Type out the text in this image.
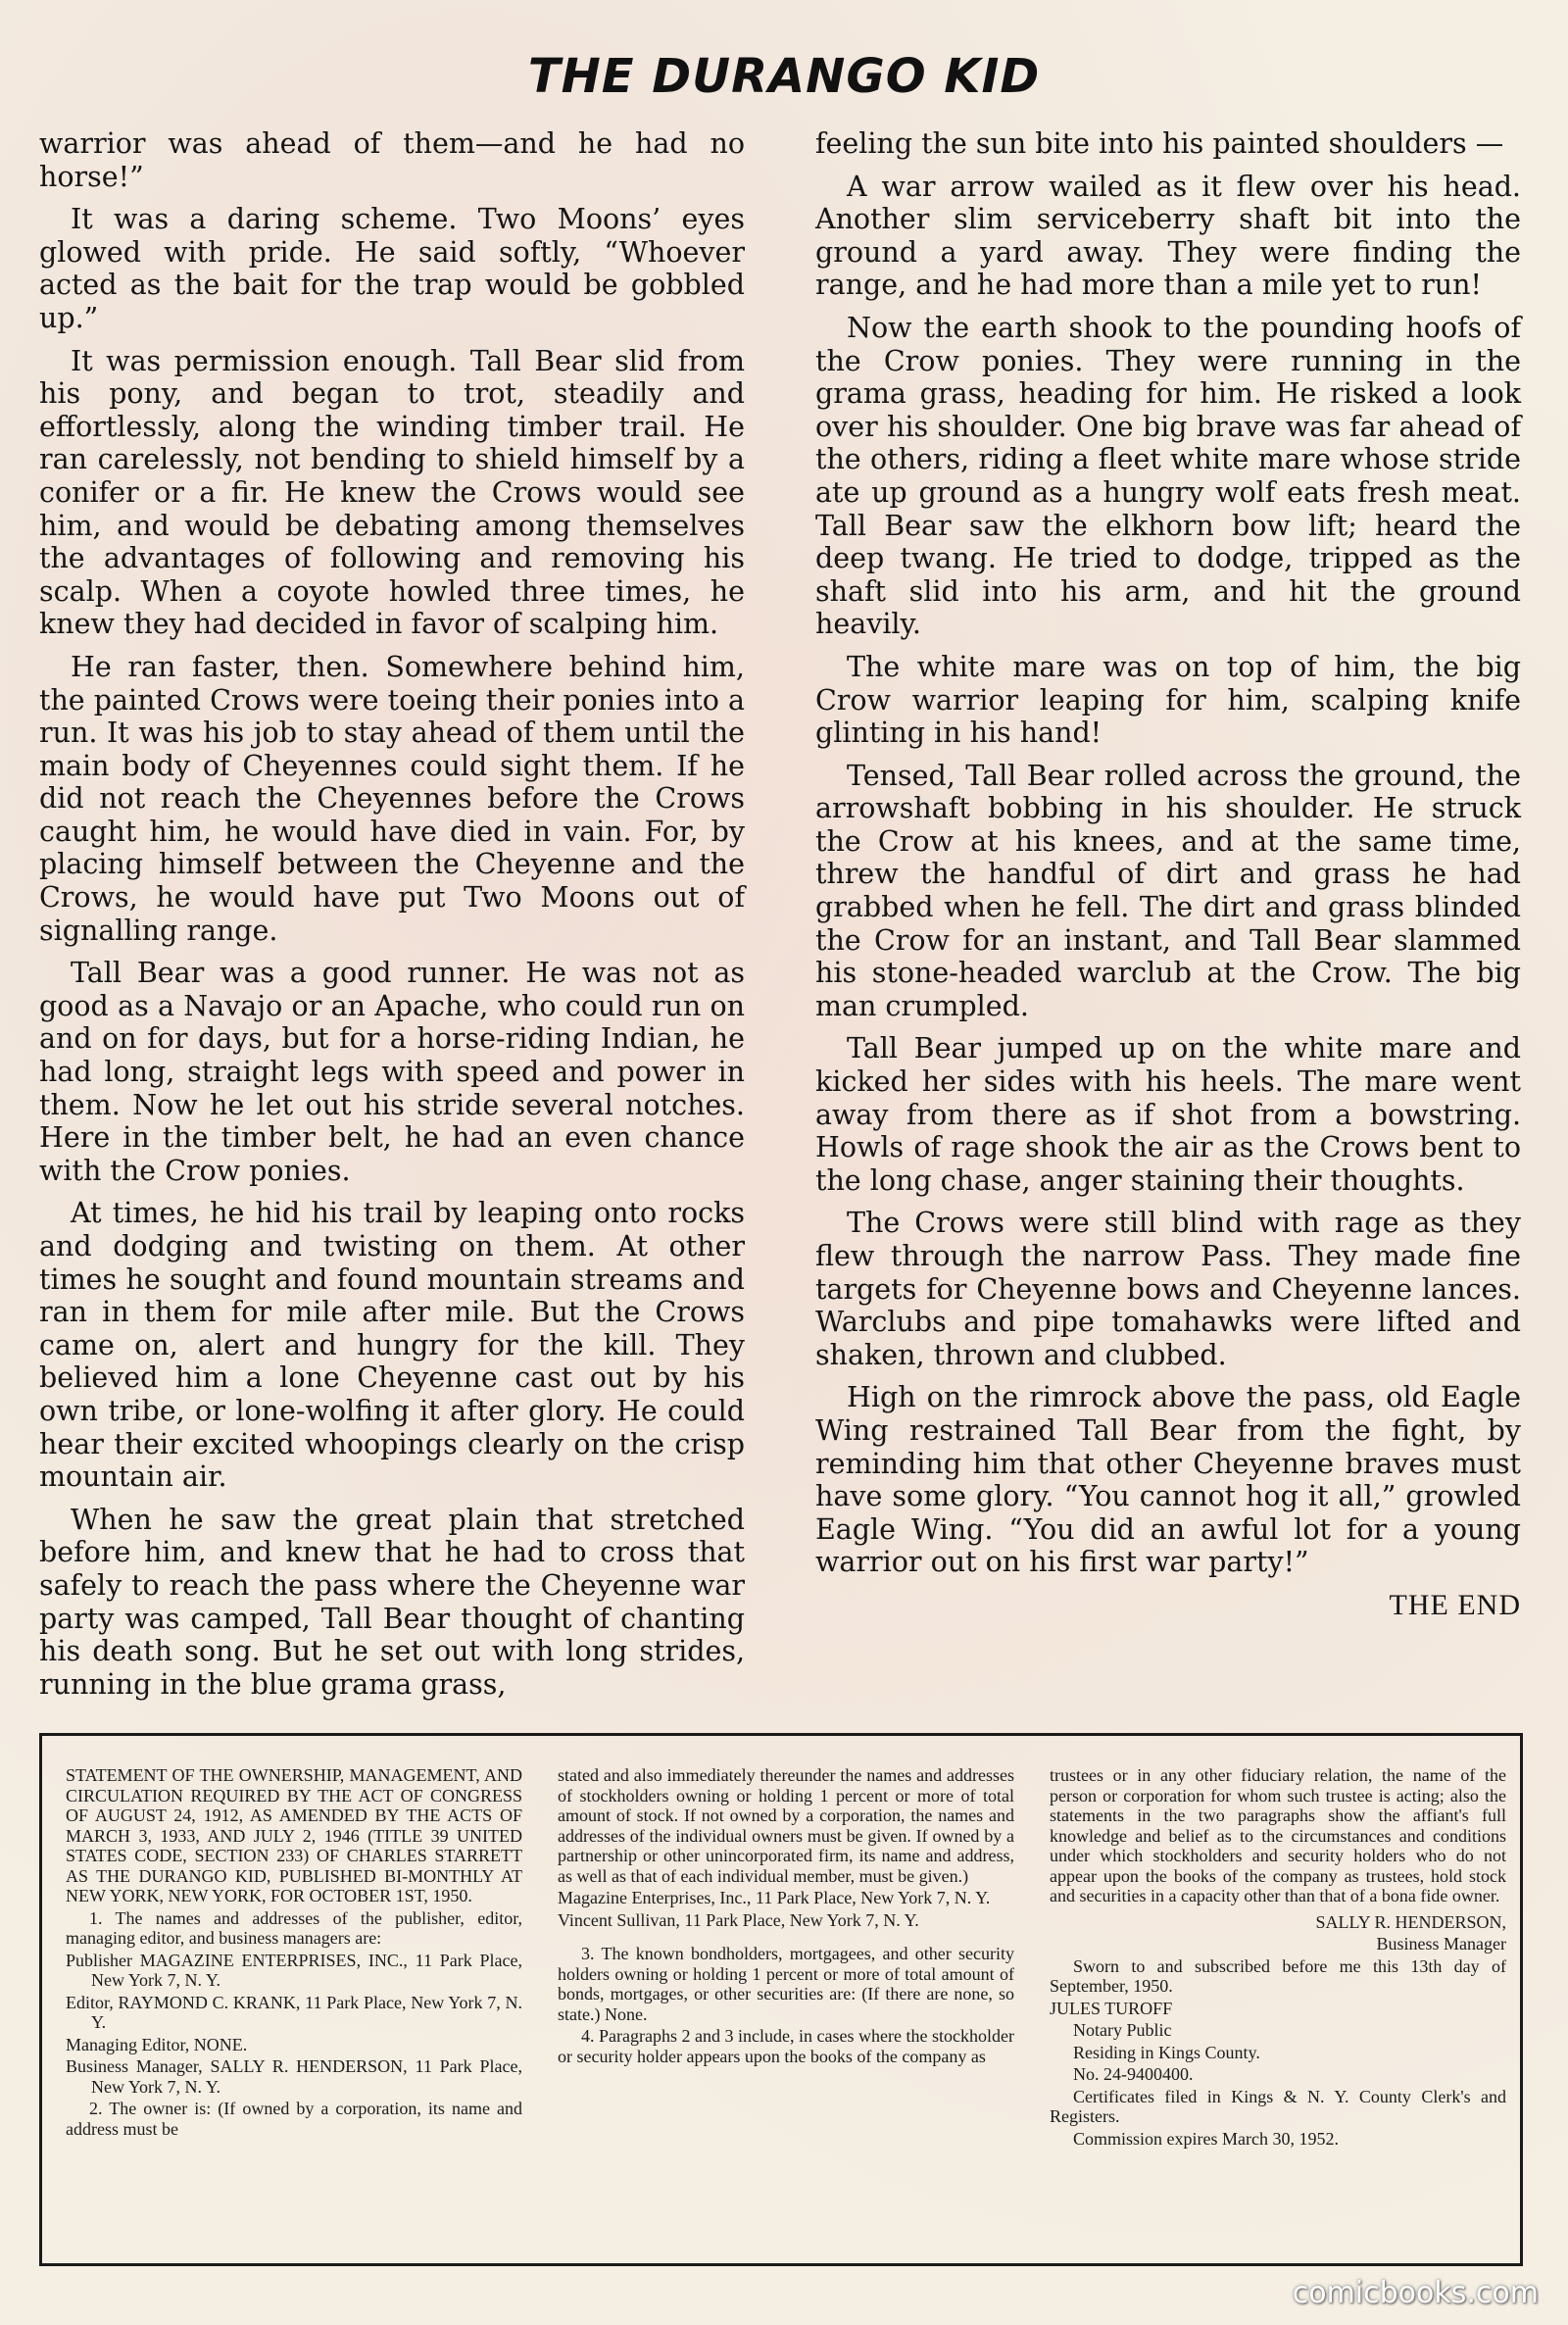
THE DURANGO KID

warrior was ahead of them—and he had no horse!”

It was a daring scheme. Two Moons’ eyes glowed with pride. He said softly, “Whoever acted as the bait for the trap would be gobbled up.”

It was permission enough. Tall Bear slid from his pony, and began to trot, steadily and effortlessly, along the winding timber trail. He ran carelessly, not bending to shield himself by a conifer or a fir. He knew the Crows would see him, and would be debating among themselves the advantages of following and removing his scalp. When a coyote howled three times, he knew they had decided in favor of scalping him.

He ran faster, then. Somewhere behind him, the painted Crows were toeing their ponies into a run. It was his job to stay ahead of them until the main body of Cheyennes could sight them. If he did not reach the Cheyennes before the Crows caught him, he would have died in vain. For, by placing himself between the Cheyenne and the Crows, he would have put Two Moons out of signalling range.

Tall Bear was a good runner. He was not as good as a Navajo or an Apache, who could run on and on for days, but for a horse-riding Indian, he had long, straight legs with speed and power in them. Now he let out his stride several notches. Here in the timber belt, he had an even chance with the Crow ponies.

At times, he hid his trail by leaping onto rocks and dodging and twisting on them. At other times he sought and found mountain streams and ran in them for mile after mile. But the Crows came on, alert and hungry for the kill. They believed him a lone Cheyenne cast out by his own tribe, or lone-wolfing it after glory. He could hear their excited whoopings clearly on the crisp mountain air.

When he saw the great plain that stretched before him, and knew that he had to cross that safely to reach the pass where the Cheyenne war party was camped, Tall Bear thought of chanting his death song. But he set out with long strides, running in the blue grama grass,

feeling the sun bite into his painted shoulders —

A war arrow wailed as it flew over his head. Another slim serviceberry shaft bit into the ground a yard away. They were finding the range, and he had more than a mile yet to run!

Now the earth shook to the pounding hoofs of the Crow ponies. They were running in the grama grass, heading for him. He risked a look over his shoulder. One big brave was far ahead of the others, riding a fleet white mare whose stride ate up ground as a hungry wolf eats fresh meat. Tall Bear saw the elkhorn bow lift; heard the deep twang. He tried to dodge, tripped as the shaft slid into his arm, and hit the ground heavily.

The white mare was on top of him, the big Crow warrior leaping for him, scalping knife glinting in his hand!

Tensed, Tall Bear rolled across the ground, the arrowshaft bobbing in his shoulder. He struck the Crow at his knees, and at the same time, threw the handful of dirt and grass he had grabbed when he fell. The dirt and grass blinded the Crow for an instant, and Tall Bear slammed his stone-headed warclub at the Crow. The big man crumpled.

Tall Bear jumped up on the white mare and kicked her sides with his heels. The mare went away from there as if shot from a bowstring. Howls of rage shook the air as the Crows bent to the long chase, anger staining their thoughts.

The Crows were still blind with rage as they flew through the narrow Pass. They made fine targets for Cheyenne bows and Cheyenne lances. Warclubs and pipe tomahawks were lifted and shaken, thrown and clubbed.

High on the rimrock above the pass, old Eagle Wing restrained Tall Bear from the fight, by reminding him that other Cheyenne braves must have some glory. “You cannot hog it all,” growled Eagle Wing. “You did an awful lot for a young warrior out on his first war party!”

THE END

STATEMENT OF THE OWNERSHIP, MANAGEMENT, AND CIRCULATION REQUIRED BY THE ACT OF CONGRESS OF AUGUST 24, 1912, AS AMENDED BY THE ACTS OF MARCH 3, 1933, AND JULY 2, 1946 (TITLE 39 UNITED STATES CODE, SECTION 233) OF CHARLES STARRETT AS THE DURANGO KID, PUBLISHED BI-MONTHLY AT NEW YORK, NEW YORK, FOR OCTOBER 1ST, 1950.

1. The names and addresses of the publisher, editor, managing editor, and business managers are:

Publisher MAGAZINE ENTERPRISES, INC., 11 Park Place, New York 7, N. Y.

Editor, RAYMOND C. KRANK, 11 Park Place, New York 7, N. Y.

Managing Editor, NONE.

Business Manager, SALLY R. HENDERSON, 11 Park Place, New York 7, N. Y.

2. The owner is: (If owned by a corporation, its name and address must be

stated and also immediately thereunder the names and addresses of stockholders owning or holding 1 percent or more of total amount of stock. If not owned by a corporation, the names and addresses of the individual owners must be given. If owned by a partnership or other unincorporated firm, its name and address, as well as that of each individual member, must be given.)

Magazine Enterprises, Inc., 11 Park Place, New York 7, N. Y.

Vincent Sullivan, 11 Park Place, New York 7, N. Y.

3. The known bondholders, mortgagees, and other security holders owning or holding 1 percent or more of total amount of bonds, mortgages, or other securities are: (If there are none, so state.) None.

4. Paragraphs 2 and 3 include, in cases where the stockholder or security holder appears upon the books of the company as

trustees or in any other fiduciary relation, the name of the person or corporation for whom such trustee is acting; also the statements in the two paragraphs show the affiant's full knowledge and belief as to the circumstances and conditions under which stockholders and security holders who do not appear upon the books of the company as trustees, hold stock and securities in a capacity other than that of a bona fide owner.

SALLY R. HENDERSON,

Business Manager

Sworn to and subscribed before me this 13th day of September, 1950.

JULES TUROFF

Notary Public

Residing in Kings County.

No. 24-9400400.

Certificates filed in Kings & N. Y. County Clerk's and Registers.

Commission expires March 30, 1952.

comicbooks.com
